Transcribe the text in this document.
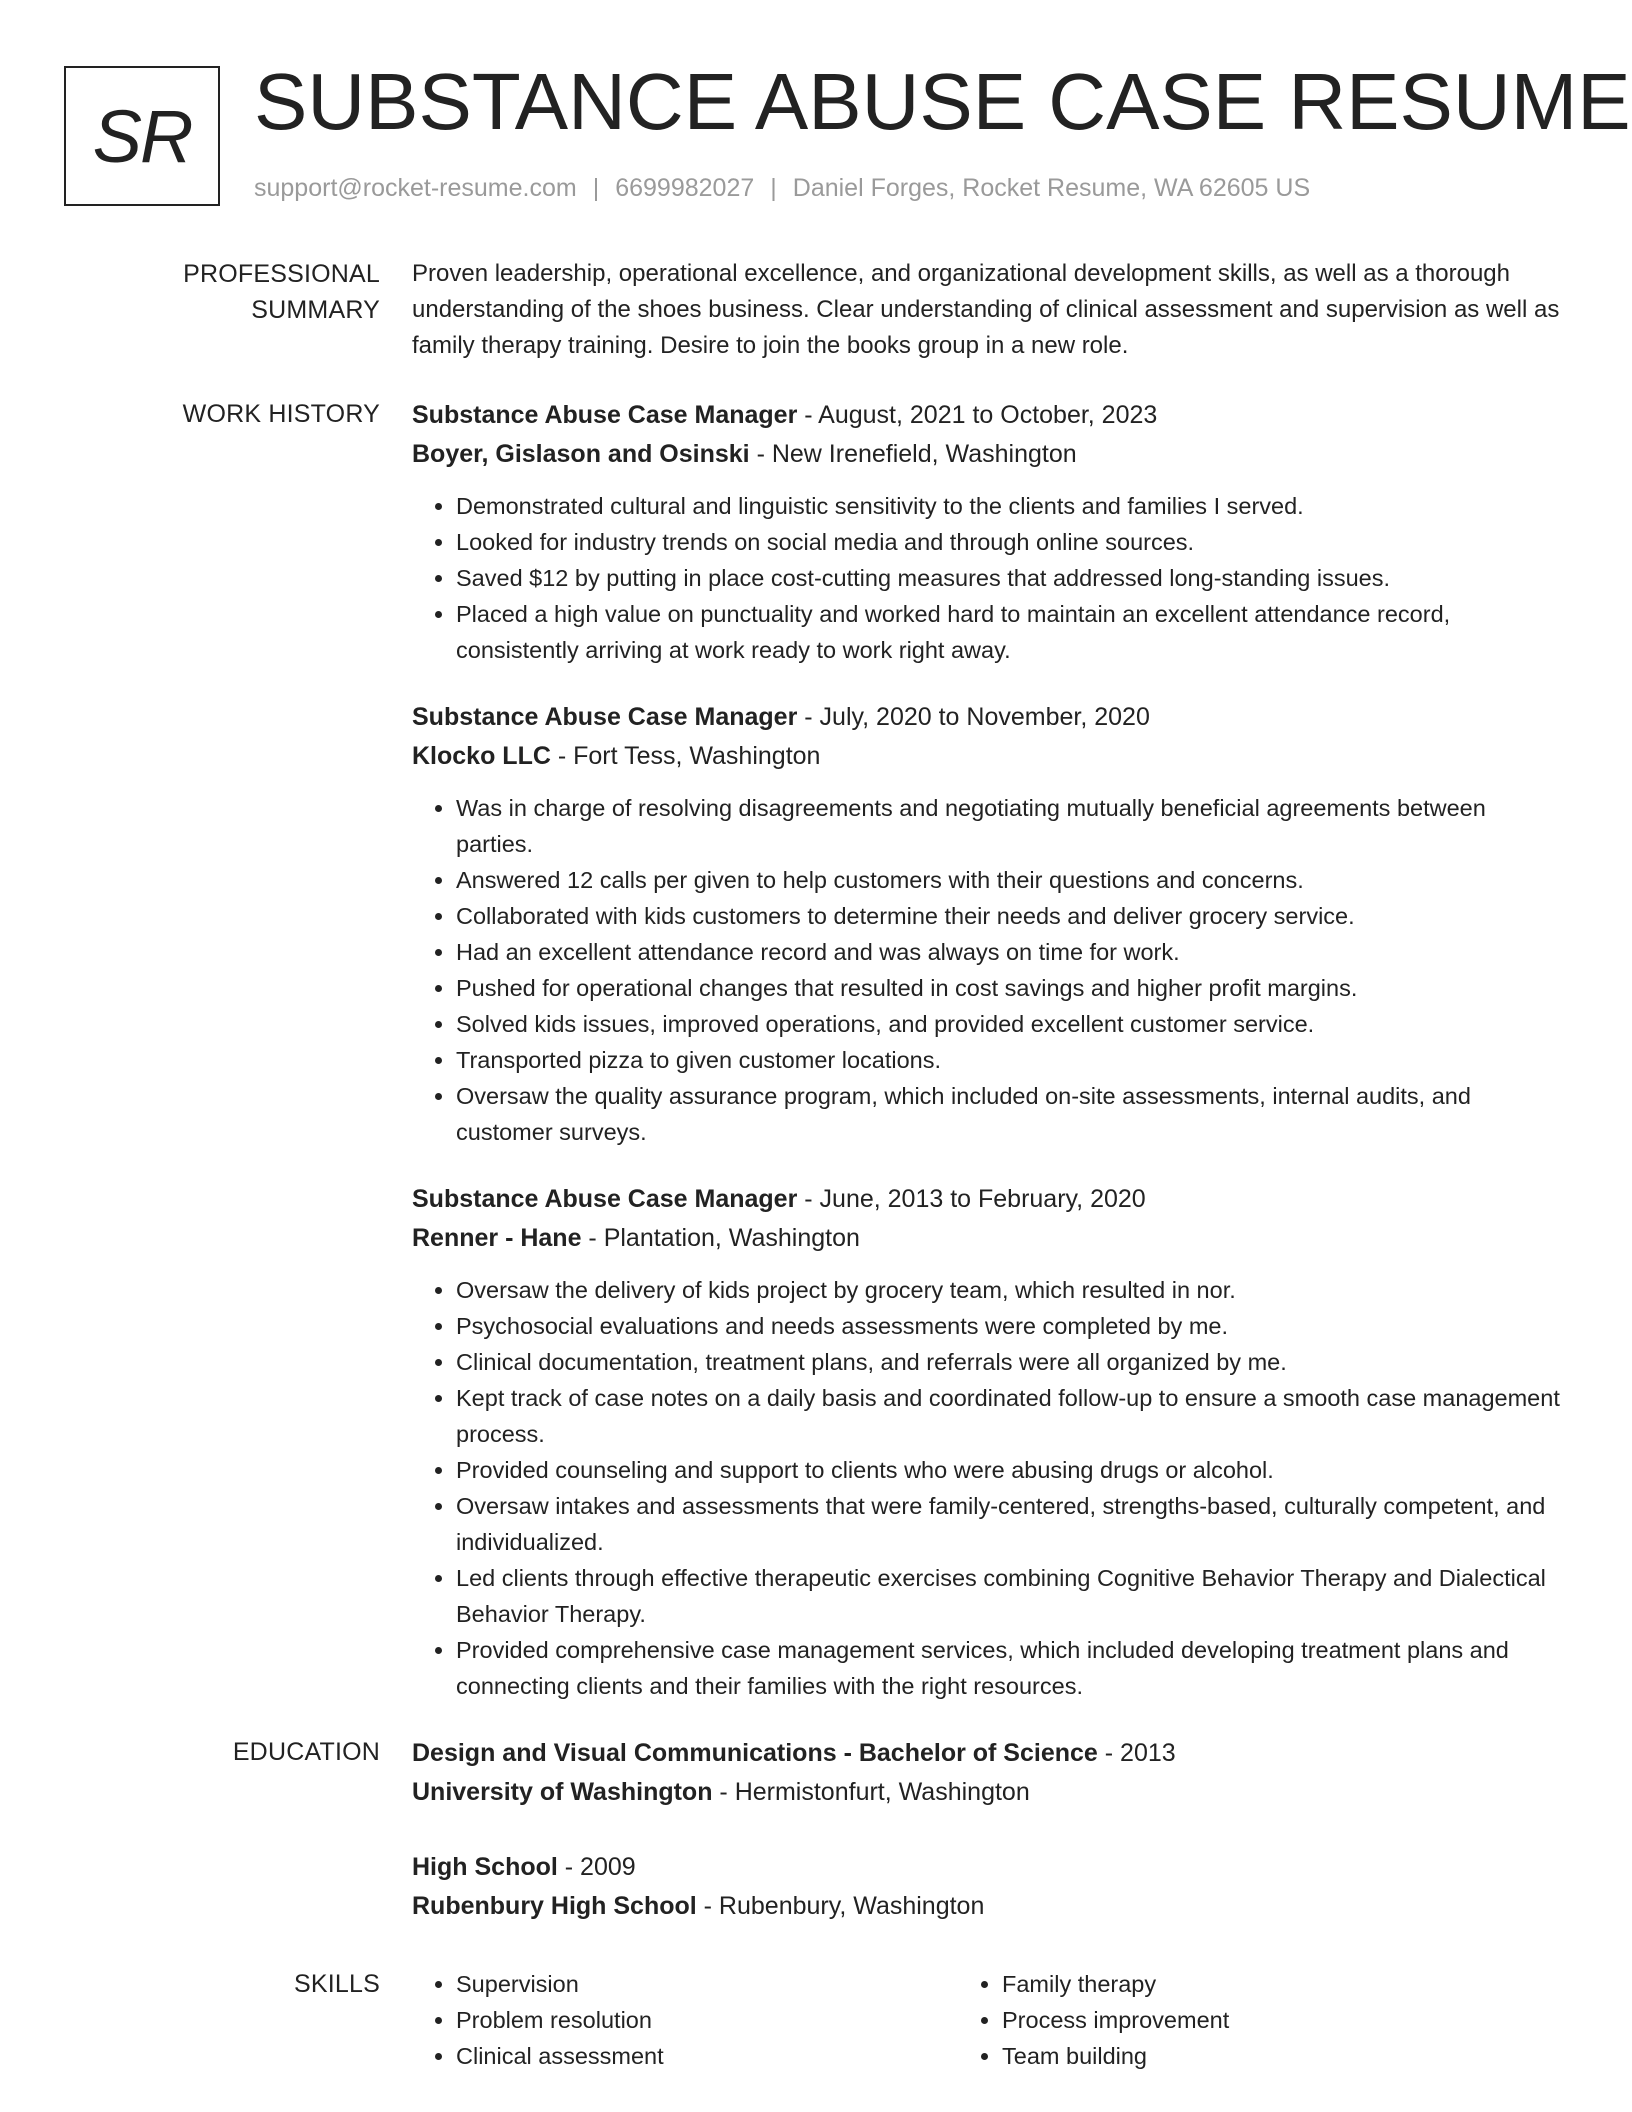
SR SUBSTANCE ABUSE CASE RESUME
support@rocket-resume.com | 6699982027 | Daniel Forges, Rocket Resume, WA 62605 US
PROFESSIONAL SUMMARY

Proven leadership, operational excellence, and organizational development skills, as well as a thorough understanding of the shoes business. Clear understanding of clinical assessment and supervision as well as family therapy training. Desire to join the books group in a new role.

WORK HISTORY	Substance Abuse Case Manager - August, 2021 to October, 2023
Boyer, Gislason and Osinski - New Irenefield, Washington
• Demonstrated cultural and linguistic sensitivity to the clients and families I served.
• Looked for industry trends on social media and through online sources.
• Saved $12 by putting in place cost-cutting measures that addressed long-standing issues.
• Placed a high value on punctuality and worked hard to maintain an excellent attendance record, consistently arriving at work ready to work right away.
Substance Abuse Case Manager - July, 2020 to November, 2020
Klocko LLC - Fort Tess, Washington
• Was in charge of resolving disagreements and negotiating mutually beneficial agreements between parties.
• Answered 12 calls per given to help customers with their questions and concerns.
• Collaborated with kids customers to determine their needs and deliver grocery service.
• Had an excellent attendance record and was always on time for work.
• Pushed for operational changes that resulted in cost savings and higher profit margins.
• Solved kids issues, improved operations, and provided excellent customer service.
• Transported pizza to given customer locations.
• Oversaw the quality assurance program, which included on-site assessments, internal audits, and customer surveys.
Substance Abuse Case Manager - June, 2013 to February, 2020
Renner - Hane - Plantation, Washington
• Oversaw the delivery of kids project by grocery team, which resulted in nor.
• Psychosocial evaluations and needs assessments were completed by me.
• Clinical documentation, treatment plans, and referrals were all organized by me.
• Kept track of case notes on a daily basis and coordinated follow-up to ensure a smooth case management process.
• Provided counseling and support to clients who were abusing drugs or alcohol.
• Oversaw intakes and assessments that were family-centered, strengths-based, culturally competent, and individualized.
• Led clients through effective therapeutic exercises combining Cognitive Behavior Therapy and Dialectical Behavior Therapy.
• Provided comprehensive case management services, which included developing treatment plans and connecting clients and their families with the right resources.
EDUCATION	Design and Visual Communications - Bachelor of Science - 2013
University of Washington - Hermistonfurt, Washington
High School - 2009
Rubenbury High School - Rubenbury, Washington
SKILLS
•	Supervision
• Problem resolution
• Clinical assessment
• Family therapy
• Process improvement
• Team building
